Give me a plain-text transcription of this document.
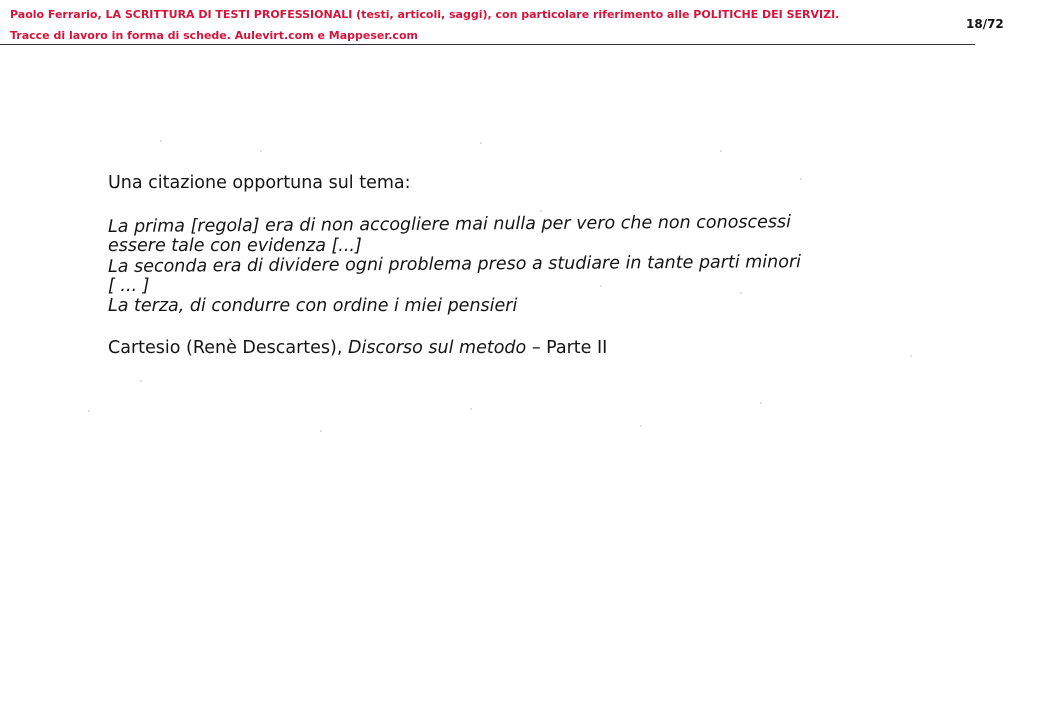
Paolo Ferrario, LA SCRITTURA DI TESTI PROFESSIONALI (testi, articoli, saggi), con particolare riferimento alle POLITICHE DEI SERVIZI.
Tracce di lavoro in forma di schede. Aulevirt.com e Mappeser.com
18/72
Una citazione opportuna sul tema:
La prima [regola] era di non accogliere mai nulla per vero che non conoscessi
essere tale con evidenza [...]
La seconda era di dividere ogni problema preso a studiare in tante parti minori
[ ... ]
La terza, di condurre con ordine i miei pensieri
Cartesio (Renè Descartes), Discorso sul metodo – Parte II
